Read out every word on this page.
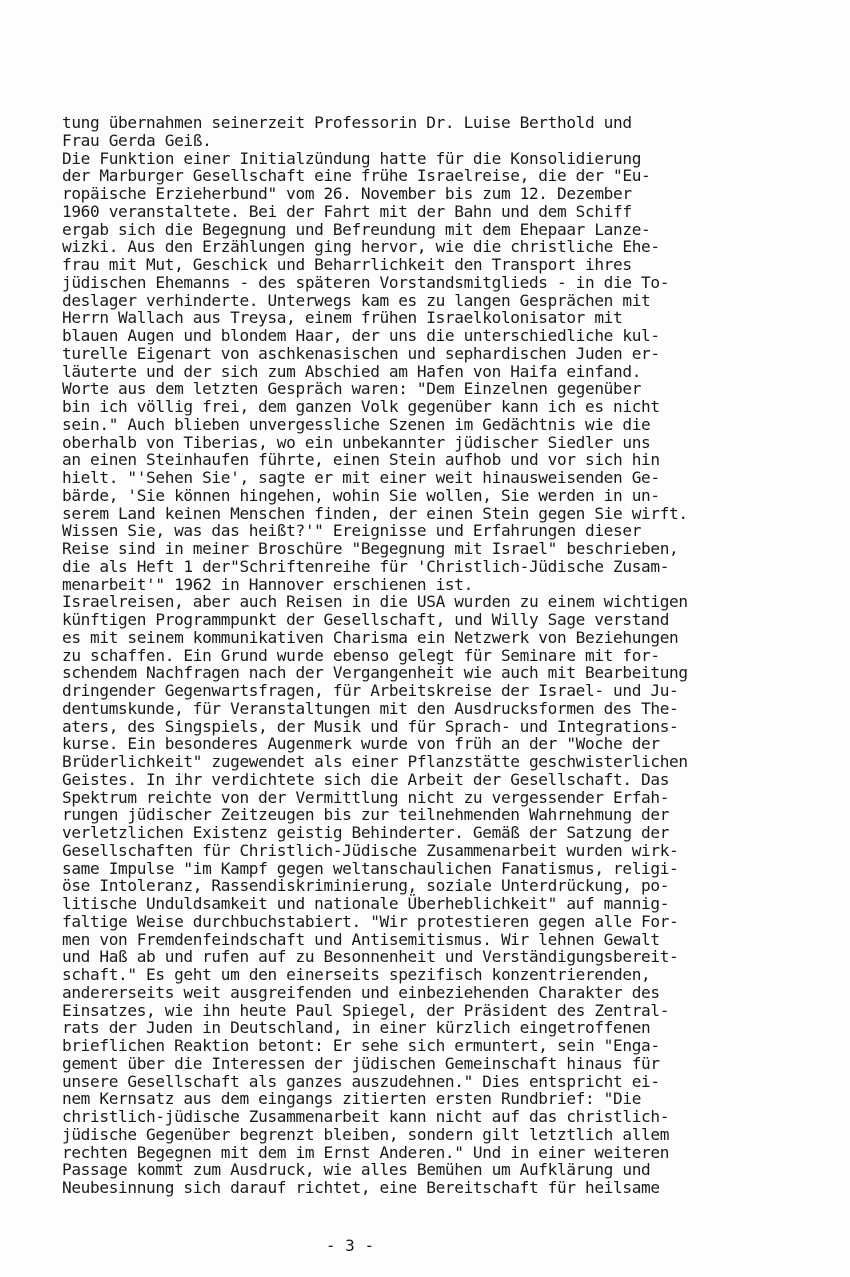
tung übernahmen seinerzeit Professorin Dr. Luise Berthold und
Frau Gerda Geiß.
Die Funktion einer Initialzündung hatte für die Konsolidierung
der Marburger Gesellschaft eine frühe Israelreise, die der "Eu-
ropäische Erzieherbund" vom 26. November bis zum 12. Dezember
1960 veranstaltete. Bei der Fahrt mit der Bahn und dem Schiff
ergab sich die Begegnung und Befreundung mit dem Ehepaar Lanze-
wizki. Aus den Erzählungen ging hervor, wie die christliche Ehe-
frau mit Mut, Geschick und Beharrlichkeit den Transport ihres
jüdischen Ehemanns - des späteren Vorstandsmitglieds - in die To-
deslager verhinderte. Unterwegs kam es zu langen Gesprächen mit
Herrn Wallach aus Treysa, einem frühen Israelkolonisator mit
blauen Augen und blondem Haar, der uns die unterschiedliche kul-
turelle Eigenart von aschkenasischen und sephardischen Juden er-
läuterte und der sich zum Abschied am Hafen von Haifa einfand.
Worte aus dem letzten Gespräch waren: "Dem Einzelnen gegenüber
bin ich völlig frei, dem ganzen Volk gegenüber kann ich es nicht
sein." Auch blieben unvergessliche Szenen im Gedächtnis wie die
oberhalb von Tiberias, wo ein unbekannter jüdischer Siedler uns
an einen Steinhaufen führte, einen Stein aufhob und vor sich hin
hielt. "'Sehen Sie', sagte er mit einer weit hinausweisenden Ge-
bärde, 'Sie können hingehen, wohin Sie wollen, Sie werden in un-
serem Land keinen Menschen finden, der einen Stein gegen Sie wirft.
Wissen Sie, was das heißt?'" Ereignisse und Erfahrungen dieser
Reise sind in meiner Broschüre "Begegnung mit Israel" beschrieben,
die als Heft 1 der"Schriftenreihe für 'Christlich-Jüdische Zusam-
menarbeit'" 1962 in Hannover erschienen ist.
Israelreisen, aber auch Reisen in die USA wurden zu einem wichtigen
künftigen Programmpunkt der Gesellschaft, und Willy Sage verstand
es mit seinem kommunikativen Charisma ein Netzwerk von Beziehungen
zu schaffen. Ein Grund wurde ebenso gelegt für Seminare mit for-
schendem Nachfragen nach der Vergangenheit wie auch mit Bearbeitung
dringender Gegenwartsfragen, für Arbeitskreise der Israel- und Ju-
dentumskunde, für Veranstaltungen mit den Ausdrucksformen des The-
aters, des Singspiels, der Musik und für Sprach- und Integrations-
kurse. Ein besonderes Augenmerk wurde von früh an der "Woche der
Brüderlichkeit" zugewendet als einer Pflanzstätte geschwisterlichen
Geistes. In ihr verdichtete sich die Arbeit der Gesellschaft. Das
Spektrum reichte von der Vermittlung nicht zu vergessender Erfah-
rungen jüdischer Zeitzeugen bis zur teilnehmenden Wahrnehmung der
verletzlichen Existenz geistig Behinderter. Gemäß der Satzung der
Gesellschaften für Christlich-Jüdische Zusammenarbeit wurden wirk-
same Impulse "im Kampf gegen weltanschaulichen Fanatismus, religi-
öse Intoleranz, Rassendiskriminierung, soziale Unterdrückung, po-
litische Unduldsamkeit und nationale Überheblichkeit" auf mannig-
faltige Weise durchbuchstabiert. "Wir protestieren gegen alle For-
men von Fremdenfeindschaft und Antisemitismus. Wir lehnen Gewalt
und Haß ab und rufen auf zu Besonnenheit und Verständigungsbereit-
schaft." Es geht um den einerseits spezifisch konzentrierenden,
andererseits weit ausgreifenden und einbeziehenden Charakter des
Einsatzes, wie ihn heute Paul Spiegel, der Präsident des Zentral-
rats der Juden in Deutschland, in einer kürzlich eingetroffenen
brieflichen Reaktion betont: Er sehe sich ermuntert, sein "Enga-
gement über die Interessen der jüdischen Gemeinschaft hinaus für
unsere Gesellschaft als ganzes auszudehnen." Dies entspricht ei-
nem Kernsatz aus dem eingangs zitierten ersten Rundbrief: "Die
christlich-jüdische Zusammenarbeit kann nicht auf das christlich-
jüdische Gegenüber begrenzt bleiben, sondern gilt letztlich allem
rechten Begegnen mit dem im Ernst Anderen." Und in einer weiteren
Passage kommt zum Ausdruck, wie alles Bemühen um Aufklärung und
Neubesinnung sich darauf richtet, eine Bereitschaft für heilsame
- 3 -
